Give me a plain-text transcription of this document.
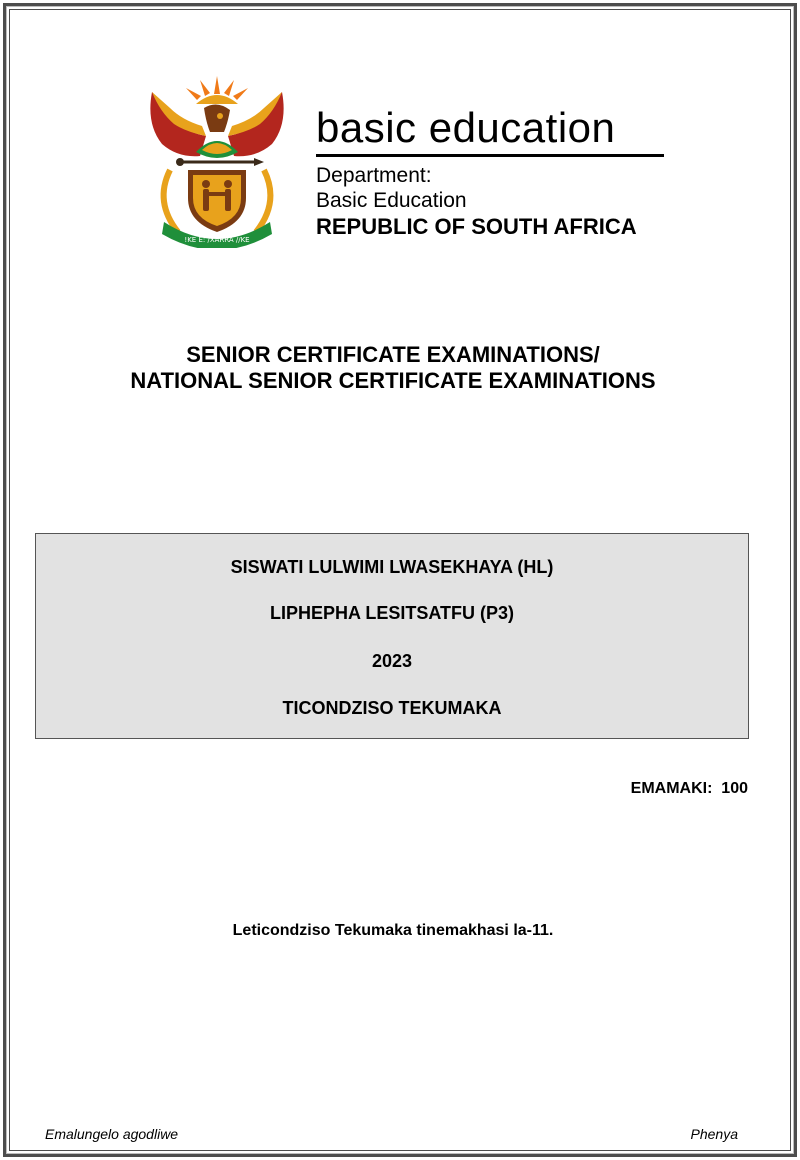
!KE E: /XARRA //KE
basic education
Department:
Basic Education
REPUBLIC OF SOUTH AFRICA
SENIOR CERTIFICATE EXAMINATIONS/
NATIONAL SENIOR CERTIFICATE EXAMINATIONS
SISWATI LULWIMI LWASEKHAYA (HL)
LIPHEPHA LESITSATFU (P3)
2023
TICONDZISO TEKUMAKA
EMAMAKI:  100
Leticondziso Tekumaka tinemakhasi la-11.
Emalungelo agodliwe	Phenya
